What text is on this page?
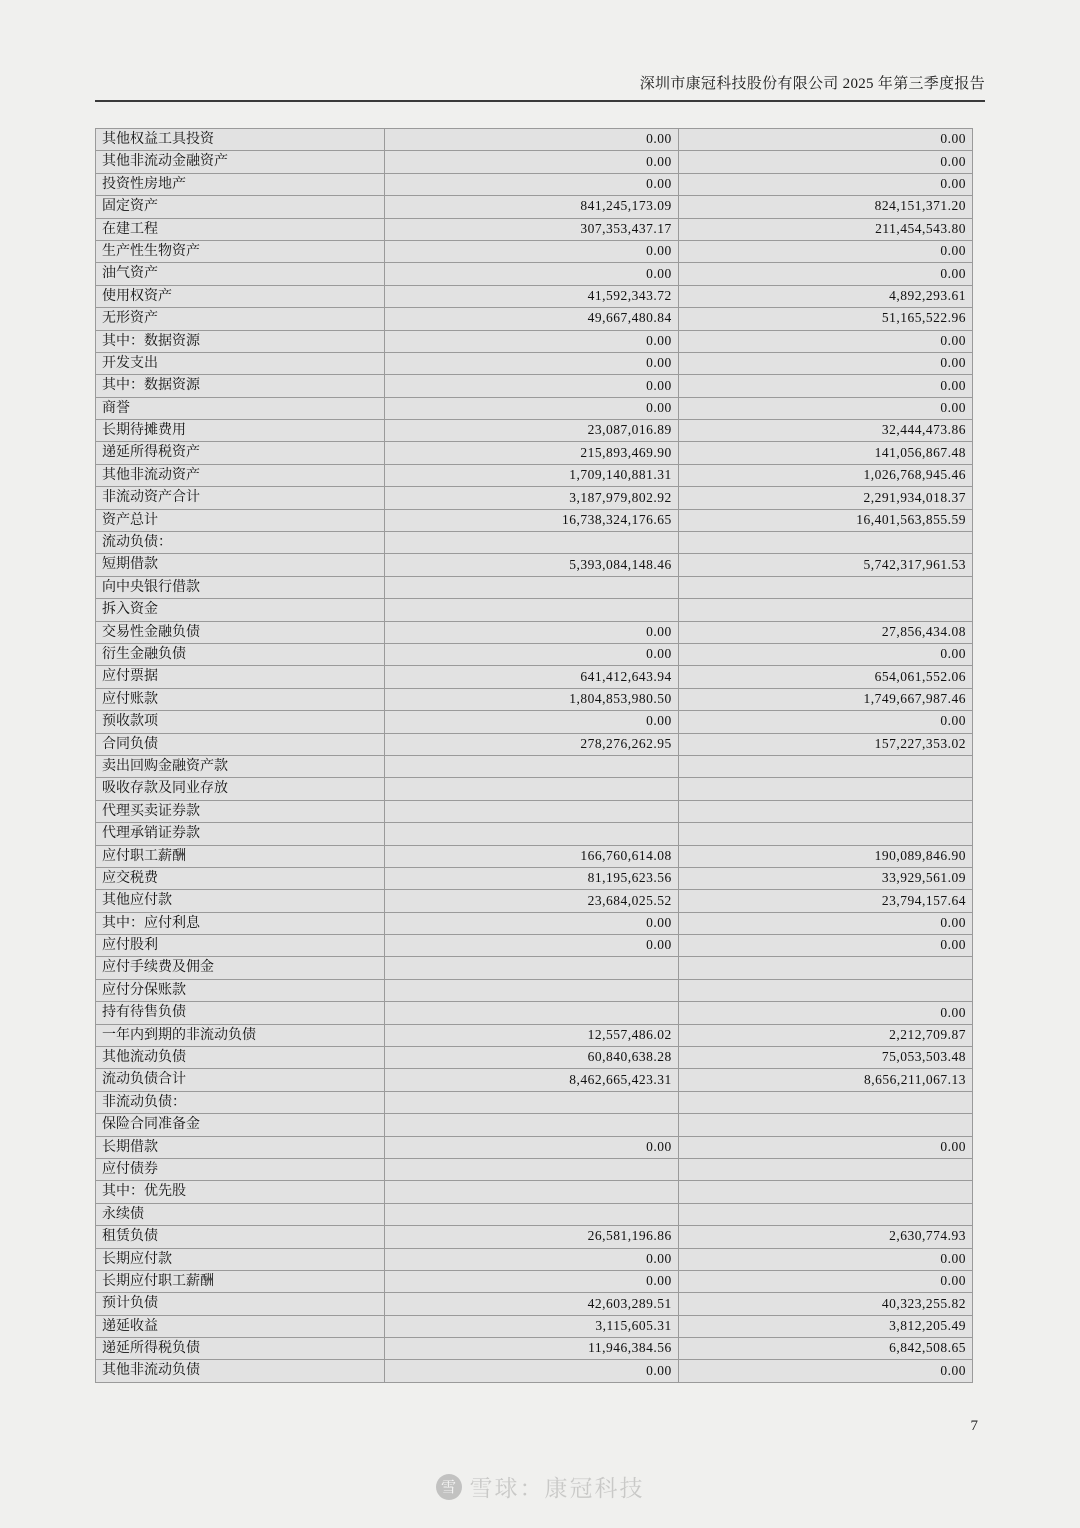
深圳市康冠科技股份有限公司 2025 年第三季度报告
其他权益工具投资	0.00	0.00
其他非流动金融资产	0.00	0.00
投资性房地产	0.00	0.00
固定资产	841,245,173.09	824,151,371.20
在建工程	307,353,437.17	211,454,543.80
生产性生物资产	0.00	0.00
油气资产	0.00	0.00
使用权资产	41,592,343.72	4,892,293.61
无形资产	49,667,480.84	51,165,522.96
其中：数据资源	0.00	0.00
开发支出	0.00	0.00
其中：数据资源	0.00	0.00
商誉	0.00	0.00
长期待摊费用	23,087,016.89	32,444,473.86
递延所得税资产	215,893,469.90	141,056,867.48
其他非流动资产	1,709,140,881.31	1,026,768,945.46
非流动资产合计	3,187,979,802.92	2,291,934,018.37
资产总计	16,738,324,176.65	16,401,563,855.59
流动负债：		
短期借款	5,393,084,148.46	5,742,317,961.53
向中央银行借款		
拆入资金		
交易性金融负债	0.00	27,856,434.08
衍生金融负债	0.00	0.00
应付票据	641,412,643.94	654,061,552.06
应付账款	1,804,853,980.50	1,749,667,987.46
预收款项	0.00	0.00
合同负债	278,276,262.95	157,227,353.02
卖出回购金融资产款		
吸收存款及同业存放		
代理买卖证券款		
代理承销证券款		
应付职工薪酬	166,760,614.08	190,089,846.90
应交税费	81,195,623.56	33,929,561.09
其他应付款	23,684,025.52	23,794,157.64
其中：应付利息	0.00	0.00
应付股利	0.00	0.00
应付手续费及佣金		
应付分保账款		
持有待售负债		0.00
一年内到期的非流动负债	12,557,486.02	2,212,709.87
其他流动负债	60,840,638.28	75,053,503.48
流动负债合计	8,462,665,423.31	8,656,211,067.13
非流动负债：		
保险合同准备金		
长期借款	0.00	0.00
应付债券		
其中：优先股		
永续债		
租赁负债	26,581,196.86	2,630,774.93
长期应付款	0.00	0.00
长期应付职工薪酬	0.00	0.00
预计负债	42,603,289.51	40,323,255.82
递延收益	3,115,605.31	3,812,205.49
递延所得税负债	11,946,384.56	6,842,508.65
其他非流动负债	0.00	0.00
7
雪 雪球：康冠科技
